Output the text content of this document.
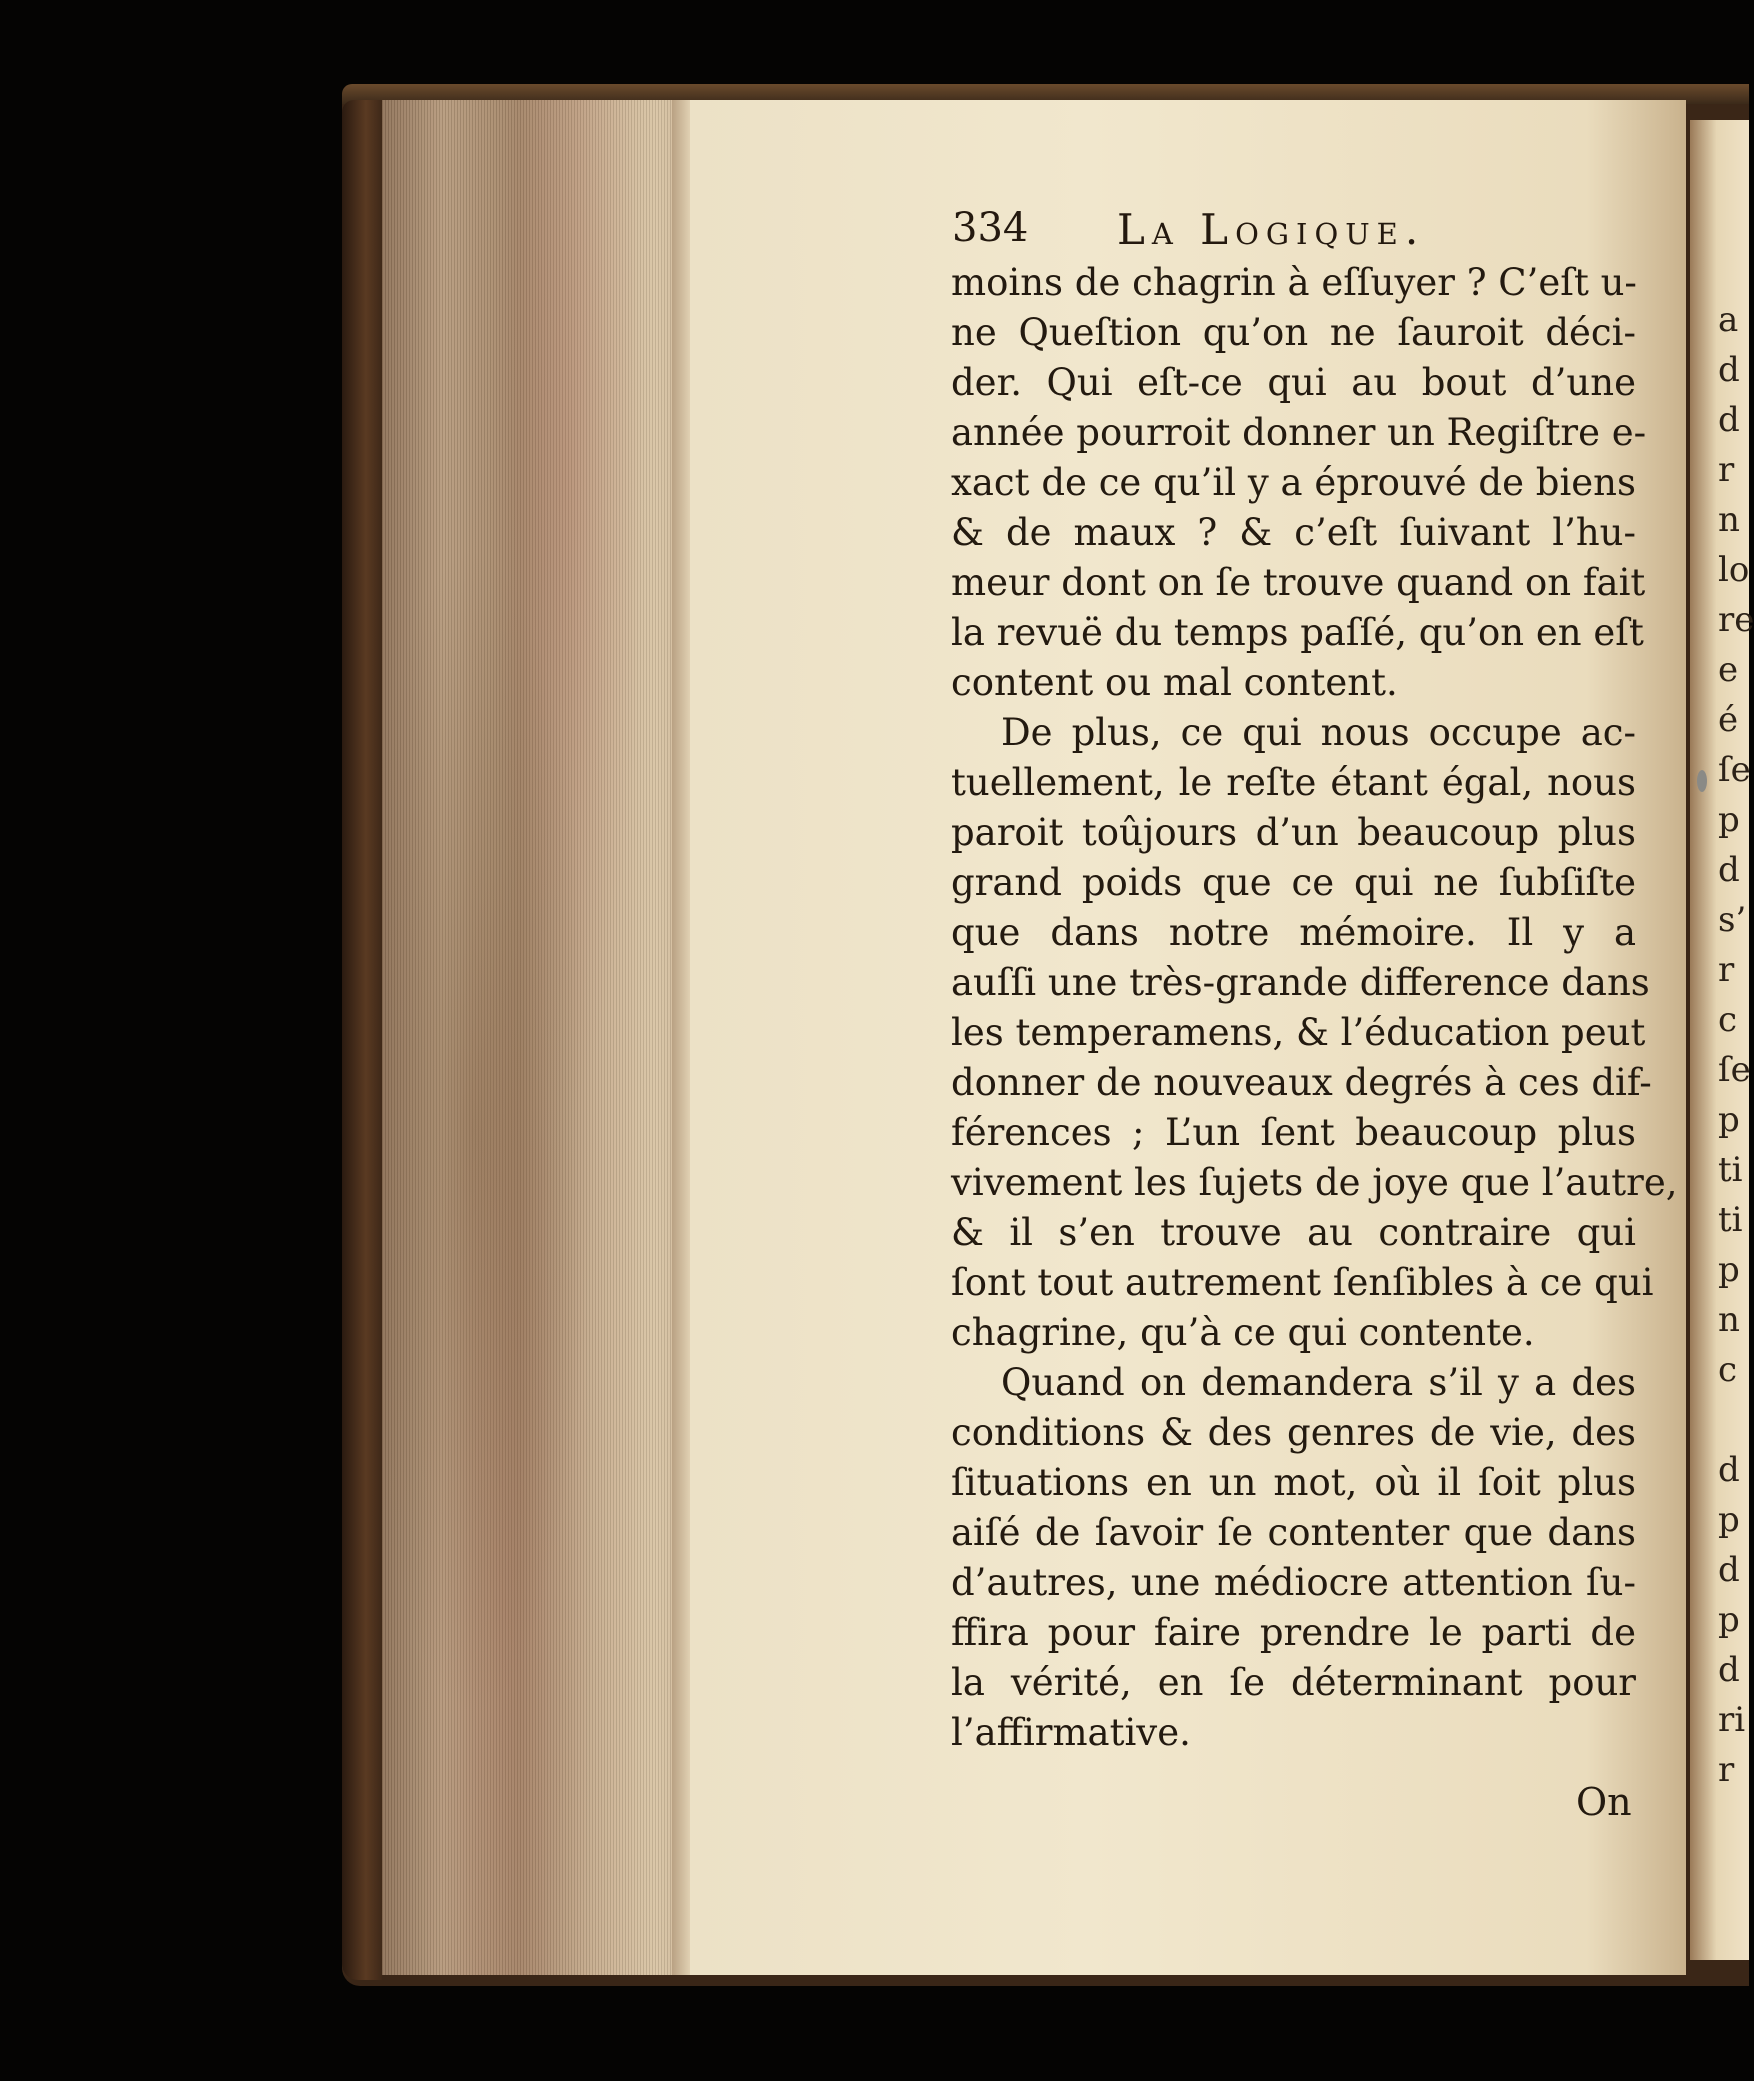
a
d
d
r
n
lo
re
e
é
ſe
p
d
s’
r
c
ſe
p
ti
ti
p
n
c
d
p
d
p
d
ri
r
334 La Logique.
moins de chagrin à eſſuyer ? C’eſt u-
ne Queſtion qu’on ne ſauroit déci-
der. Qui eſt-ce qui au bout d’une
année pourroit donner un Regiſtre e-
xact de ce qu’il y a éprouvé de biens
& de maux ? & c’eſt ſuivant l’hu-
meur dont on ſe trouve quand on fait
la revuë du temps paſſé, qu’on en eſt
content ou mal content.
De plus, ce qui nous occupe ac-
tuellement, le reſte étant égal, nous
paroit toûjours d’un beaucoup plus
grand poids que ce qui ne ſubſiſte
que dans notre mémoire. Il y a
auſſi une très-grande difference dans
les temperamens, & l’éducation peut
donner de nouveaux degrés à ces dif-
férences ; L’un ſent beaucoup plus
vivement les ſujets de joye que l’autre,
& il s’en trouve au contraire qui
ſont tout autrement ſenſibles à ce qui
chagrine, qu’à ce qui contente.
Quand on demandera s’il y a des
conditions & des genres de vie, des
ſituations en un mot, où il ſoit plus
aiſé de ſavoir ſe contenter que dans
d’autres, une médiocre attention ſu-
ffira pour faire prendre le parti de
la vérité, en ſe déterminant pour
l’affirmative.
On
